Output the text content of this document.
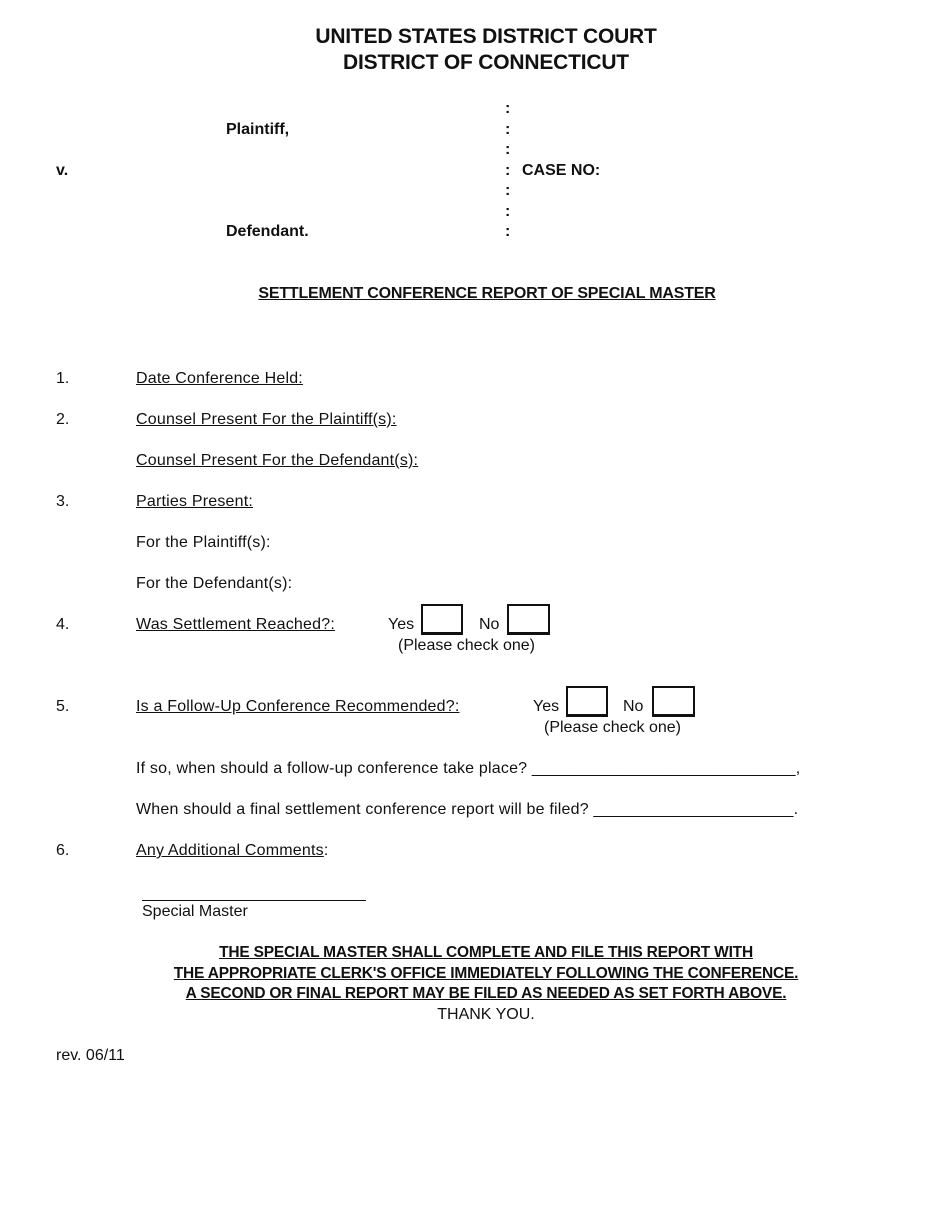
UNITED STATES DISTRICT COURT
DISTRICT OF CONNECTICUT
:
Plaintiff,	:
:
v.	: CASE NO:
:
:
Defendant.	:
SETTLEMENT CONFERENCE REPORT OF SPECIAL MASTER
1.	Date Conference Held:
2.	Counsel Present For the Plaintiff(s):
Counsel Present For the Defendant(s):
3.	Parties Present:
For the Plaintiff(s):
For the Defendant(s):
4.	Was Settlement Reached?:	Yes	No
(Please check one)
5.	Is a Follow-Up Conference Recommended?:	Yes	No
(Please check one)
If so, when should a follow-up conference take place? _____________________________,
When should a final settlement conference report will be filed? ______________________.
6.	Any Additional Comments:
Special Master
THE SPECIAL MASTER SHALL COMPLETE AND FILE THIS REPORT WITH
THE APPROPRIATE CLERK'S OFFICE IMMEDIATELY FOLLOWING THE CONFERENCE.
A SECOND OR FINAL REPORT MAY BE FILED AS NEEDED AS SET FORTH ABOVE.
THANK YOU.
rev. 06/11
